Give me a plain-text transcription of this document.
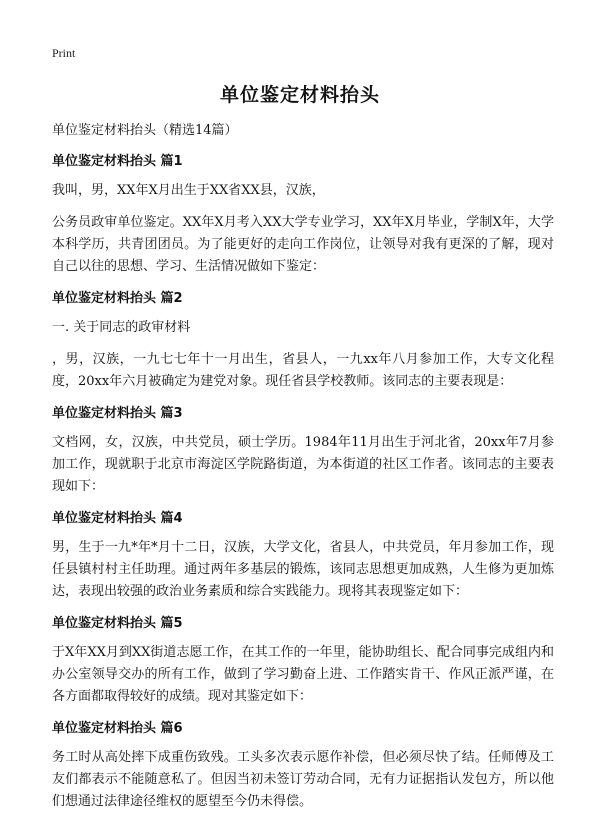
Print
单位鉴定材料抬头

单位鉴定材料抬头（精选14篇）

单位鉴定材料抬头 篇1

我叫，男，XX年X月出生于XX省XX县，汉族，

公务员政审单位鉴定。XX年X月考入XX大学专业学习，XX年X月毕业，学制X年，大学本科学历，共青团团员。为了能更好的走向工作岗位，让领导对我有更深的了解，现对自己以往的思想、学习、生活情况做如下鉴定：

单位鉴定材料抬头 篇2

一. 关于同志的政审材料

，男，汉族，一九七七年十一月出生，省县人，一九xx年八月参加工作，大专文化程度，20xx年六月被确定为建党对象。现任省县学校教师。该同志的主要表现是：

单位鉴定材料抬头 篇3

文档网，女，汉族，中共党员，硕士学历。1984年11月出生于河北省，20xx年7月参加工作，现就职于北京市海淀区学院路街道，为本街道的社区工作者。该同志的主要表现如下：

单位鉴定材料抬头 篇4

男，生于一九*年*月十二日，汉族，大学文化，省县人，中共党员，年月参加工作，现任县镇村村主任助理。通过两年多基层的锻炼，该同志思想更加成熟，人生修为更加炼达，表现出较强的政治业务素质和综合实践能力。现将其表现鉴定如下：

单位鉴定材料抬头 篇5

于X年XX月到XX街道志愿工作，在其工作的一年里，能协助组长、配合同事完成组内和办公室领导交办的所有工作，做到了学习勤奋上进、工作踏实肯干、作风正派严谨，在各方面都取得较好的成绩。现对其鉴定如下：

单位鉴定材料抬头 篇6

务工时从高处摔下成重伤致残。工头多次表示愿作补偿，但必须尽快了结。任师傅及工友们都表示不能随意私了。但因当初未签订劳动合同，无有力证据指认发包方，所以他们想通过法律途径维权的愿望至今仍未得偿。
